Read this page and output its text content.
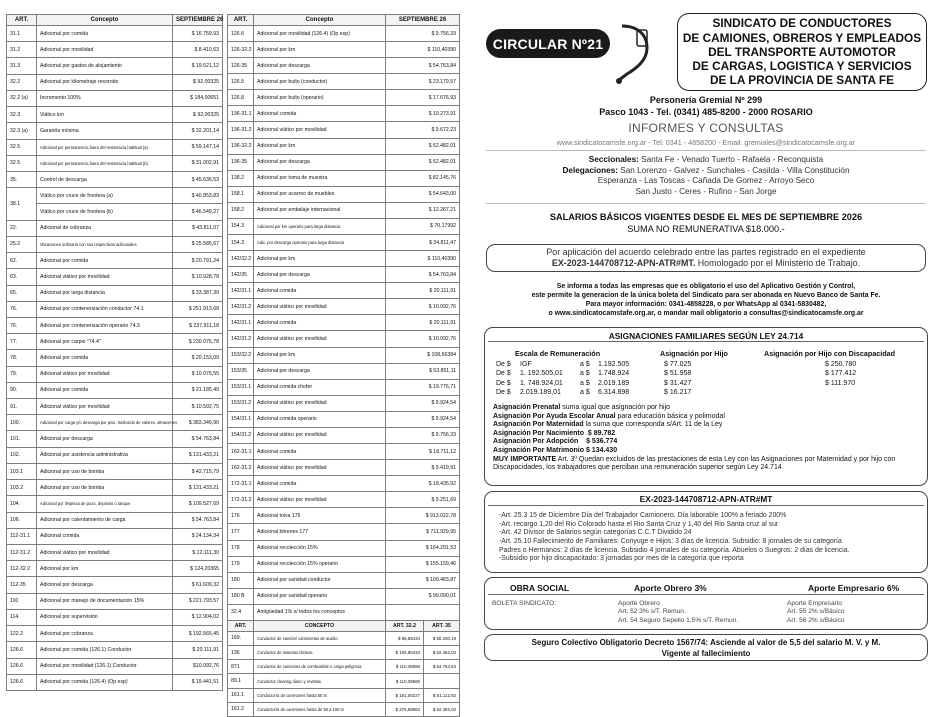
ART.	Concepto	SEPTIEMBRE 26
31.1	Adicional por comida	$ 16.759,93
31.2	Adicional por movilidad	$ 8.410,63
31.3	Adicional por gastos de alojamiento	$ 19.521,12
32.2	Adicional por kilometraje recorrido	$ 92,00325
32.2 (a)	Incremento 100%	$ 184,00651
32.3	Viático km	$ 92,00325
32.3 (a)	Garantía mínima	$ 32.201,14
32.5	Adicional por permanencia fuera del resistencia habitual (a)	$ 59.147,14
32.5	Adicional por permanencia fuera del resistencia habitual (b)	$ 31.002,91
35.	Control de descarga	$ 45.636,53
38.1	Viático por cruce de frontera (a)	$ 40.853,83
	Viático por cruce de frontera (b)	$ 46.549,27
22.	Adicional de cobranza	$ 43.811,07
25.2	Vacaciones ordinaria con sus respectivos adicionales	$ 25.585,67
62.	Adicional por comida	$ 20.791,24
63.	Adicional viático por movilidad	$ 10.928,78
65.	Adicional por larga distancia	$ 33.387,39
76.	Adicional por contenerización conductor 74.1	$ 251.913,68
76.	Adicional por contenerización operario 74.3	$ 237.911,18
77.	Adicional por carpio "74.4"	$ 230.075,78
78.	Adicional por comida	$ 20.153,09
79.	Adicional viático por movilidad	$ 10.076,55
90.	Adicional por comida	$ 21.185,49
91.	Adicional viático por movilidad	$ 10.592,75
100.	Adicional por carga y/o descarga por piso, trasbordo de valores, almacenes	$ 383.346,90
101.	Adicional por descarga	$ 54.763,84
102.	Adicional por asistencia administrativa	$ 131.433,21
103.1	Adicional por uso de bomba	$ 42.715,79
103.2	Adicional por uso de bomba	$ 131.433,21
104.	Adicional por limpieza de pozo, depósito o tanque	$ 109.527,69
106.	Adicional por calentamiento de carga	$ 54.763,84
112-31.1	Adicional comida	$ 24.134,34
112-31.2	Adicional viático por movilidad	$ 12.111,30
112-32.2	Adicional por km	$ 124,20365
112-35	Adicional por descarga	$ 61.609,32
110	Adicional por manejo de documentación 15%	$ 221.793,57
114.	Adicional por supervisión	$ 12.904,02
122.2	Adicional por cobranza	$ 192.565,45
126.6	Adicional por comida (126.1) Conductor	$ 20.111,91
126.6	Adicional por movilidad (126.1) Conductor	$10.092,76
126.6	Adicional por comida (126.4) (Op esp)	$ 19.441,51
ART.	Concepto	SEPTIEMBRE 26	
126.6	Adicional por movilidad (126.4) (Op esp)	$ 9.756,33	
126-32.2	Adicional por km	$ 110,40390	
126-35	Adicional por descarga	$ 54.763,84	
126.5	Adicional por bulto (conductor)	$ 23.179,57	
126.8	Adicional por bulto (operario)	$ 17.676,93	
136-31.1	Adicional comida	$ 19.273,91	
136-31.2	Adicional viático por movilidad	$ 9.672,23	
136-32.2	Adicional por km	$ 52.482,01	
136-35	Adicional por descarga	$ 52.482,01	
138.2	Adicional por toma de muestra	$ 82.145,76	
158.1	Adicional por acarreo de muebles	$ 54.643,00	
158.2	Adicional por embalaje internacional	$ 12.267,21	
154.3	Adicional por km operario para larga distancia	$ 70,17992	
154.3	Adic. por descarga operario para larga distancia	$ 34.811,47	
142/32.2	Adicional por km	$ 110,40390	
142/35	Adicional por descarga	$ 54.763,84	
142/31.1	Adicional comida	$ 20.111,91	
142/31.2	Adicional viático por movilidad	$ 10.092,76	
142/31.1	Adicional comida	$ 20.111,91	
142/31.2	Adicional viático por movilidad	$ 10.092,76	
153/32.2	Adicional por km	$ 108,56384	
153/35	Adicional por descarga	$ 53.851,11	
153/31.1	Adicional comida chofer	$ 19.776,71	
153/31.2	Adicional viático por movilidad	$ 9.924,54	
154/31.1	Adicional comida operario	$ 9.924,54	
154/31.2	Adicional viático por movilidad	$ 9.756,33	
162-31.1	Adicional comida	$ 18.711,12	
162-31.2	Adicional viático por movilidad	$ 9.419,91	
172-31.1	Adicional comida	$ 18.435,92	
172-31.2	Adicional viático por movilidad	$ 9.251,69	
176	Adicional tolva 176	$ 913.022,78	
177	Adicional bitrenes 177	$ 711.929,95	
178	Adicional recolección 15%	$ 164.291,53	
179	Adicional recolección 15% operario	$ 155.159,46	
180	Adicional por sanidad conductor	$ 109.483,87	
180 B	Adicional por sanidad operario	$ 99.090,01	
32.4	Antigüedad 1% s/ todos los conceptos		
ART.	CONCEPTO	ART. 32.2	ART. 35
169.	Conductor de camión/ camionetas de auxilio	$ 96,58434	$ 50.200,19
136	Conductor de materias lácteas	$ 105,80434	$ 52.482,02
871	Conductor de camiones de combustible o carga peligrosa	$ 110,39585	$ 54.763,84
89.1	Conductor clearing diario y revistas	$ 110,39585	
161.1	Conductor/a de carretones hasta 50 tn	$ 161,00227	$ 51.112,92
161.2	Conductor/a de carretones hasta de 50 a 100 tn	$ 275,98963	$ 52.482,02
CIRCULAR Nº21
SINDICATO DE CONDUCTORES
DE CAMIONES, OBREROS Y EMPLEADOS
DEL TRANSPORTE AUTOMOTOR
DE CARGAS, LOGISTICA Y SERVICIOS
DE LA PROVINCIA DE SANTA FE
Personería Gremial Nº 299
Pasco 1043 - Tel. (0341) 485-8200 - 2000 ROSARIO
INFORMES Y CONSULTAS
www.sindicatocamsfe.org.ar - Tel: 0341 - 4858200 - Email: gremiales@sindicatocamsfe.org.ar
Seccionales: Santa Fe - Venado Tuerto - Rafaela - Reconquista
Delegaciones: San Lorenzo - Galvez - Sunchales - Casilda - Villa Constitución
Esperanza - Las Toscas - Cañada De Gomez - Arroyo Seco
San Justo - Ceres - Rufino - San Jorge
SALARIOS BÁSICOS VIGENTES DESDE EL MES DE SEPTIEMBRE 2026
SUMA NO REMUNERATIVA $18.000.-
Por aplicación del acuerdo celebrado entre las partes registrado en el expediente
EX-2023-144708712-APN-ATR#MT. Homologado por el Ministerio de Trabajo.
Se informa a todas las empresas que es obligatorio el uso del Aplicativo Gestión y Control,
este permite la generacion de la única boleta del Sindicato para ser abonada en Nuevo Banco de Santa Fe.
Para mayor información: 0341-4858228, o por WhatsApp al 0341-5830482,
o www.sindicatocamstafe.org.ar, o mandar mail obligatorio a consultas@sindicatocamsfe.org.ar
ASIGNACIONES FAMILIARES SEGÚN LEY 24.714
Escala de Remuneración	Asignación por Hijo	Asignación por Hijo con Discapacidad
De $ IGF	a $ 1.192.505	$ 77.025	$ 250.780
De $ 1. 192.505,01 a $ 1.748.924	$ 51.958	$ 177.412
De $ 1. 748.924,01 a $ 2.019.189	$ 31.427	$ 111.970
De $ 2.019.189,01	a $ 6.314.898	$ 16.217
Asignación Prenatal suma igual que asignación por hijo
Asignación Por Ayuda Escolar Anual para educación básica y polimodal
Asignación Por Maternidad la suma que corresponda s/Art. 11 de la Ley
Asignación Por Nacimiento $ 89.782
Asignación Por Adopción $ 536.774
Asignación Por Matrimonio $ 134.430
MUY IMPORTANTE Art. 3º Quedan excluidos de las prestaciones de esta Ley con las Asignaciones por Maternidad y por hijo con Discapacidades, los trabajadores que perciban una remuneración superior según Ley 24.714
EX-2023-144708712-APN-ATR#MT
-Art. 25.3 15 de Diciembre Día del Trabajador Camionero. Día laborable 100% a feriado 200%
-Art. recargo 1,20 del Rio Colorado hasta el Rio Santa Cruz y 1,40 del Rio Santa cruz al sur
-Art. 42 Divisor de Salarios según categorías C.C.T Dividido 24
-Art. 25.10 Fallecimiento de Familiares: Conyuge e Hijos: 3 días de licencia. Subsidio: 8 jornales de su categoría
Padres o Hermanos: 2 días de licencia. Subsidio 4 jornales de su categoría. Abuelos o Suegros: 2 días de licencia.
-Subsidio por hijo discapacitado: 3 jornadas por mes de la categoría que reporta
OBRA SOCIAL	Aporte Obrero 3%	Aporte Empresario 6%
BOLETA SINDICATO:	Aporte Obrero
Art. 52 3% s/T. Remun.
Art. 54 Seguro Sepelio 1,5% s/T. Remun.
Aporte Empresario
Art. 55 2% s/Básico
Art. 56 2% s/Básico
Seguro Colectivo Obligatorio Decreto 1567/74: Asciende al valor de 5,5 del salario M. V. y M.
Vigente al fallecimiento
